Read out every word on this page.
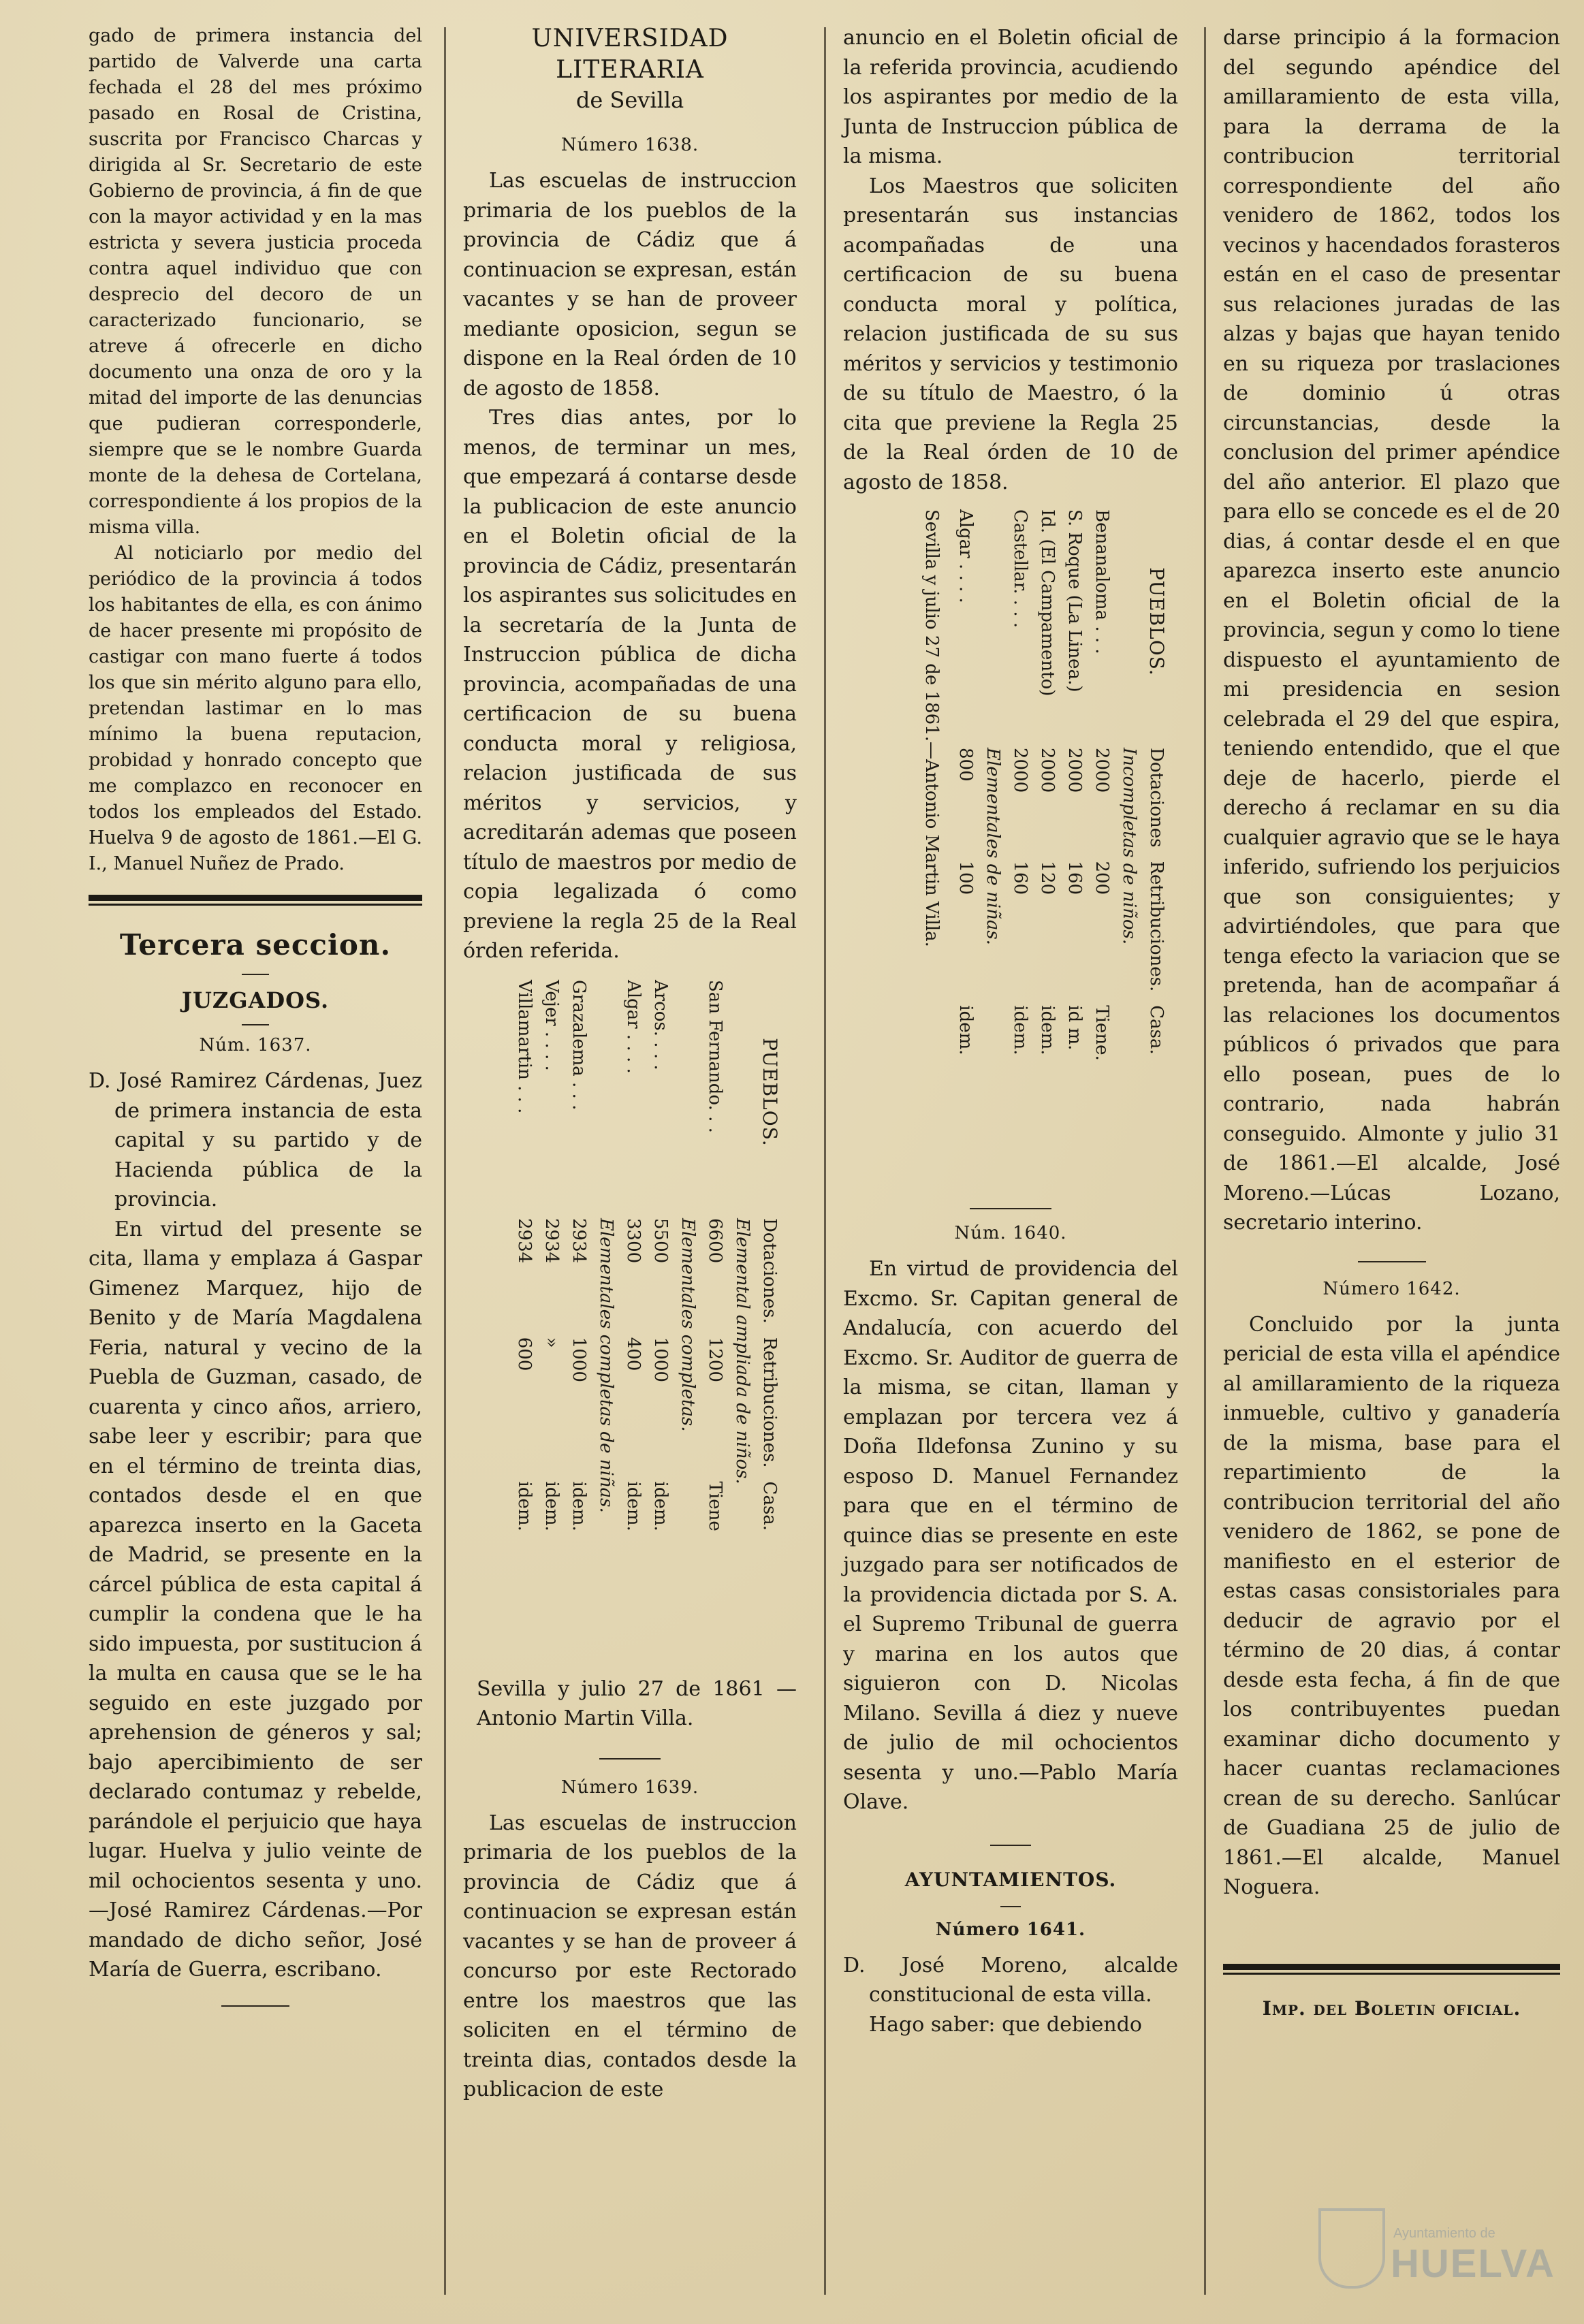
gado de primera instancia del partido de Valverde una carta fechada el 28 del mes próximo pasado en Rosal de Cristina, suscrita por Francisco Charcas y dirigida al Sr. Secretario de este Gobierno de provincia, á fin de que con la mayor actividad y en la mas estricta y severa justicia proceda contra aquel individuo que con desprecio del decoro de un caracterizado funcionario, se atreve á ofrecerle en dicho documento una onza de oro y la mitad del importe de las denuncias que pudieran corresponderle, siempre que se le nombre Guarda monte de la dehesa de Cortelana, correspondiente á los propios de la misma villa.

Al noticiarlo por medio del periódico de la provincia á todos los habitantes de ella, es con ánimo de hacer presente mi propósito de castigar con mano fuerte á todos los que sin mérito alguno para ello, pretendan lastimar en lo mas mínimo la buena reputacion, probidad y honrado concepto que me complazco en reconocer en todos los empleados del Estado. Huelva 9 de agosto de 1861.—El G. I., Manuel Nuñez de Prado.

Tercera seccion.

JUZGADOS.

Núm. 1637.

D. José Ramirez Cárdenas, Juez de primera instancia de esta capital y su partido y de Hacienda pública de la provincia.

En virtud del presente se cita, llama y emplaza á Gaspar Gimenez Marquez, hijo de Benito y de María Magdalena Feria, natural y vecino de la Puebla de Guzman, casado, de cuarenta y cinco años, arriero, sabe leer y escribir; para que en el término de treinta dias, contados desde el en que aparezca inserto en la Gaceta de Madrid, se presente en la cárcel pública de esta capital á cumplir la condena que le ha sido impuesta, por sustitucion á la multa en causa que se le ha seguido en este juzgado por aprehension de géneros y sal; bajo apercibimiento de ser declarado contumaz y rebelde, parándole el perjuicio que haya lugar. Huelva y julio veinte de mil ochocientos sesenta y uno.—José Ramirez Cárdenas.—Por mandado de dicho señor, José María de Guerra, escribano.

UNIVERSIDAD LITERARIA

de Sevilla

Número 1638.

Las escuelas de instruccion primaria de los pueblos de la provincia de Cádiz que á continuacion se expresan, están vacantes y se han de proveer mediante oposicion, segun se dispone en la Real órden de 10 de agosto de 1858.

Tres dias antes, por lo menos, de terminar un mes, que empezará á contarse desde la publicacion de este anuncio en el Boletin oficial de la provincia de Cádiz, presentarán los aspirantes sus solicitudes en la secretaría de la Junta de Instruccion pública de dicha provincia, acompañadas de una certificacion de su buena conducta moral y religiosa, relacion justificada de sus méritos y servicios, y acreditarán ademas que poseen título de maestros por medio de copia legalizada ó como previene la regla 25 de la Real órden referida.

PUEBLOS.	Dotaciones.	Retribuciones.	Casa.
	Elemental ampliada de niños.		
San Fernando. . .	6600	1200	Tiene
	Elementales completas.		
Arcos. . . .	5500	1000	idem.
Algar . . . .	3300	400	idem.
	Elementales completas de niñas.		
Grazalema . . .	2934	1000	idem.
Vejer . . . .	2934	»	idem.
Villamartin . . .	2934	600	idem.

Sevilla y julio 27 de 1861 —Antonio Martin Villa.

Número 1639.

Las escuelas de instruccion primaria de los pueblos de la provincia de Cádiz que á continuacion se expresan están vacantes y se han de proveer á concurso por este Rectorado entre los maestros que las soliciten en el término de treinta dias, contados desde la publicacion de este

anuncio en el Boletin oficial de la referida provincia, acudiendo los aspirantes por medio de la Junta de Instruccion pública de la misma.

Los Maestros que soliciten presentarán sus instancias acompañadas de una certificacion de su buena conducta moral y política, relacion justificada de su sus méritos y servicios y testimonio de su título de Maestro, ó la cita que previene la Regla 25 de la Real órden de 10 de agosto de 1858.

PUEBLOS.	Dotaciones	Retribuciones.	Casa.
	Incompletas de niños.		
Benanaloma . . .	2000	200	Tiene.
S. Roque (La Linea.)	2000	160	id m.
Id. (El Campamento)	2000	120	idem.
Castellar. . . .	2000	160	idem.
	Elementales de niñas.		
Algar . . . .	800	100	idem.
Sevilla y julio 27 de 1861.—Antonio Martin Villa.			

Núm. 1640.

En virtud de providencia del Excmo. Sr. Capitan general de Andalucía, con acuerdo del Excmo. Sr. Auditor de guerra de la misma, se citan, llaman y emplazan por tercera vez á Doña Ildefonsa Zunino y su esposo D. Manuel Fernandez para que en el término de quince dias se presente en este juzgado para ser notificados de la providencia dictada por S. A. el Supremo Tribunal de guerra y marina en los autos que siguieron con D. Nicolas Milano. Sevilla á diez y nueve de julio de mil ochocientos sesenta y uno.—Pablo María Olave.

AYUNTAMIENTOS.

Número 1641.

D. José Moreno, alcalde constitucional de esta villa.

Hago saber: que debiendo

darse principio á la formacion del segundo apéndice del amillaramiento de esta villa, para la derrama de la contribucion territorial correspondiente del año venidero de 1862, todos los vecinos y hacendados forasteros están en el caso de presentar sus relaciones juradas de las alzas y bajas que hayan tenido en su riqueza por traslaciones de dominio ú otras circunstancias, desde la conclusion del primer apéndice del año anterior. El plazo que para ello se concede es el de 20 dias, á contar desde el en que aparezca inserto este anuncio en el Boletin oficial de la provincia, segun y como lo tiene dispuesto el ayuntamiento de mi presidencia en sesion celebrada el 29 del que espira, teniendo entendido, que el que deje de hacerlo, pierde el derecho á reclamar en su dia cualquier agravio que se le haya inferido, sufriendo los perjuicios que son consiguientes; y advirtiéndoles, que para que tenga efecto la variacion que se pretenda, han de acompañar á las relaciones los documentos públicos ó privados que para ello posean, pues de lo contrario, nada habrán conseguido. Almonte y julio 31 de 1861.—El alcalde, José Moreno.—Lúcas Lozano, secretario interino.

Número 1642.

Concluido por la junta pericial de esta villa el apéndice al amillaramiento de la riqueza inmueble, cultivo y ganadería de la misma, base para el repartimiento de la contribucion territorial del año venidero de 1862, se pone de manifiesto en el esterior de estas casas consistoriales para deducir de agravio por el término de 20 dias, á contar desde esta fecha, á fin de que los contribuyentes puedan examinar dicho documento y hacer cuantas reclamaciones crean de su derecho. Sanlúcar de Guadiana 25 de julio de 1861.—El alcalde, Manuel Noguera.

Imp. del Boletin oficial.

Ayuntamiento de
HUELVA
